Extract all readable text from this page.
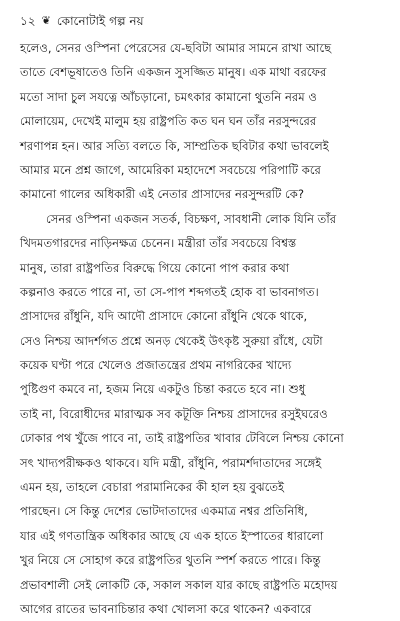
১২ ❦ কোনোটাই গল্প নয়
হলেও, সেনর ওস্পিনা পেরেসের যে-ছবিটা আমার সামনে রাখা আছে
তাতে বেশভূষাতেও তিনি একজন সুসজ্জিত মানুষ। এক মাথা বরফের
মতো সাদা চুল সযত্নে আঁচড়ানো, চমৎকার কামানো থুতনি নরম ও
মোলায়েম, দেখেই মালুম হয় রাষ্ট্রপতি কত ঘন ঘন তাঁর নরসুন্দরের
শরণাপন্ন হন। আর সত্যি বলতে কি, সাম্প্রতিক ছবিটার কথা ভাবলেই
আমার মনে প্রশ্ন জাগে, আমেরিকা মহাদেশে সবচেয়ে পরিপাটি করে
কামানো গালের অধিকারী এই নেতার প্রাসাদের নরসুন্দরটি কে?
সেনর ওস্পিনা একজন সতর্ক, বিচক্ষণ, সাবধানী লোক যিনি তাঁর
খিদমতগারদের নাড়িনক্ষত্র চেনেন। মন্ত্রীরা তাঁর সবচেয়ে বিশ্বস্ত
মানুষ, তারা রাষ্ট্রপতির বিরুদ্ধে গিয়ে কোনো পাপ করার কথা
কল্পনাও করতে পারে না, তা সে-পাপ শব্দগতই হোক বা ভাবনাগত।
প্রাসাদের রাঁধুনি, যদি আদৌ প্রাসাদে কোনো রাঁধুনি থেকে থাকে,
সেও নিশ্চয় আদর্শগত প্রশ্নে অনড় থেকেই উৎকৃষ্ট সুরুয়া রাঁধে, যেটা
কয়েক ঘণ্টা পরে খেলেও প্রজাতন্ত্রের প্রথম নাগরিকের খাদ্যে
পুষ্টিগুণ কমবে না, হজম নিয়ে একটুও চিন্তা করতে হবে না। শুধু
তাই না, বিরোধীদের মারাত্মক সব কটূক্তি নিশ্চয় প্রাসাদের রসুইঘরেও
ঢোকার পথ খুঁজে পাবে না, তাই রাষ্ট্রপতির খাবার টেবিলে নিশ্চয় কোনো
সৎ খাদ্যপরীক্ষকও থাকবে। যদি মন্ত্রী, রাঁধুনি, পরামর্শদাতাদের সঙ্গেই
এমন হয়, তাহলে বেচারা পরামানিকের কী হাল হয় বুঝতেই
পারছেন। সে কিন্তু দেশের ভোটদাতাদের একমাত্র নশ্বর প্রতিনিধি,
যার এই গণতান্ত্রিক অধিকার আছে যে এক হাতে ইস্পাতের ধারালো
খুর নিয়ে সে সোহাগ করে রাষ্ট্রপতির থুতনি স্পর্শ করতে পারে। কিন্তু
প্রভাবশালী সেই লোকটি কে, সকাল সকাল যার কাছে রাষ্ট্রপতি মহোদয়
আগের রাতের ভাবনাচিন্তার কথা খোলসা করে থাকেন? একবারে
